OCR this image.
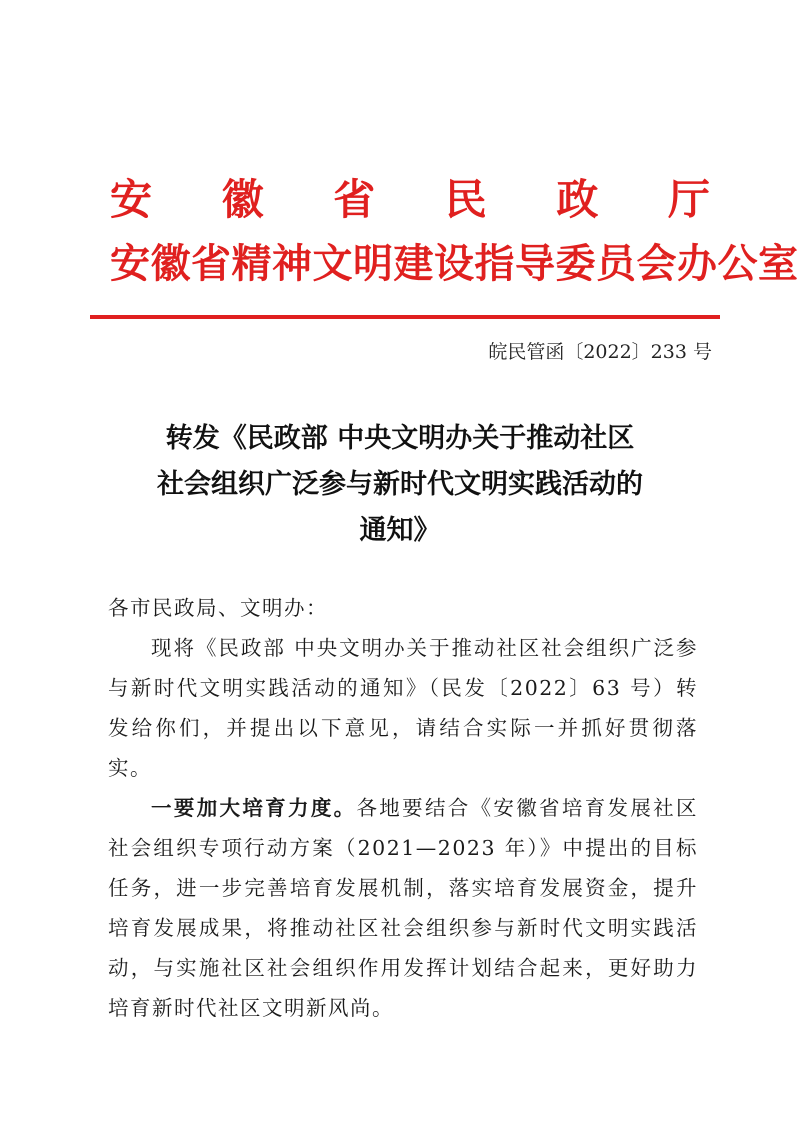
安 徽 省 民 政 厅
安徽省精神文明建设指导委员会办公室
皖民管函〔2022〕233 号
转发《民政部 中央文明办关于推动社区
社会组织广泛参与新时代文明实践活动的
通知》

各市民政局、文明办：

现将《民政部 中央文明办关于推动社区社会组织广泛参与新时代文明实践活动的通知》（民发〔2022〕63 号）转发给你们，并提出以下意见，请结合实际一并抓好贯彻落实。

一要加大培育力度。各地要结合《安徽省培育发展社区社会组织专项行动方案（2021—2023 年）》中提出的目标任务，进一步完善培育发展机制，落实培育发展资金，提升培育发展成果，将推动社区社会组织参与新时代文明实践活动，与实施社区社会组织作用发挥计划结合起来，更好助力培育新时代社区文明新风尚。
